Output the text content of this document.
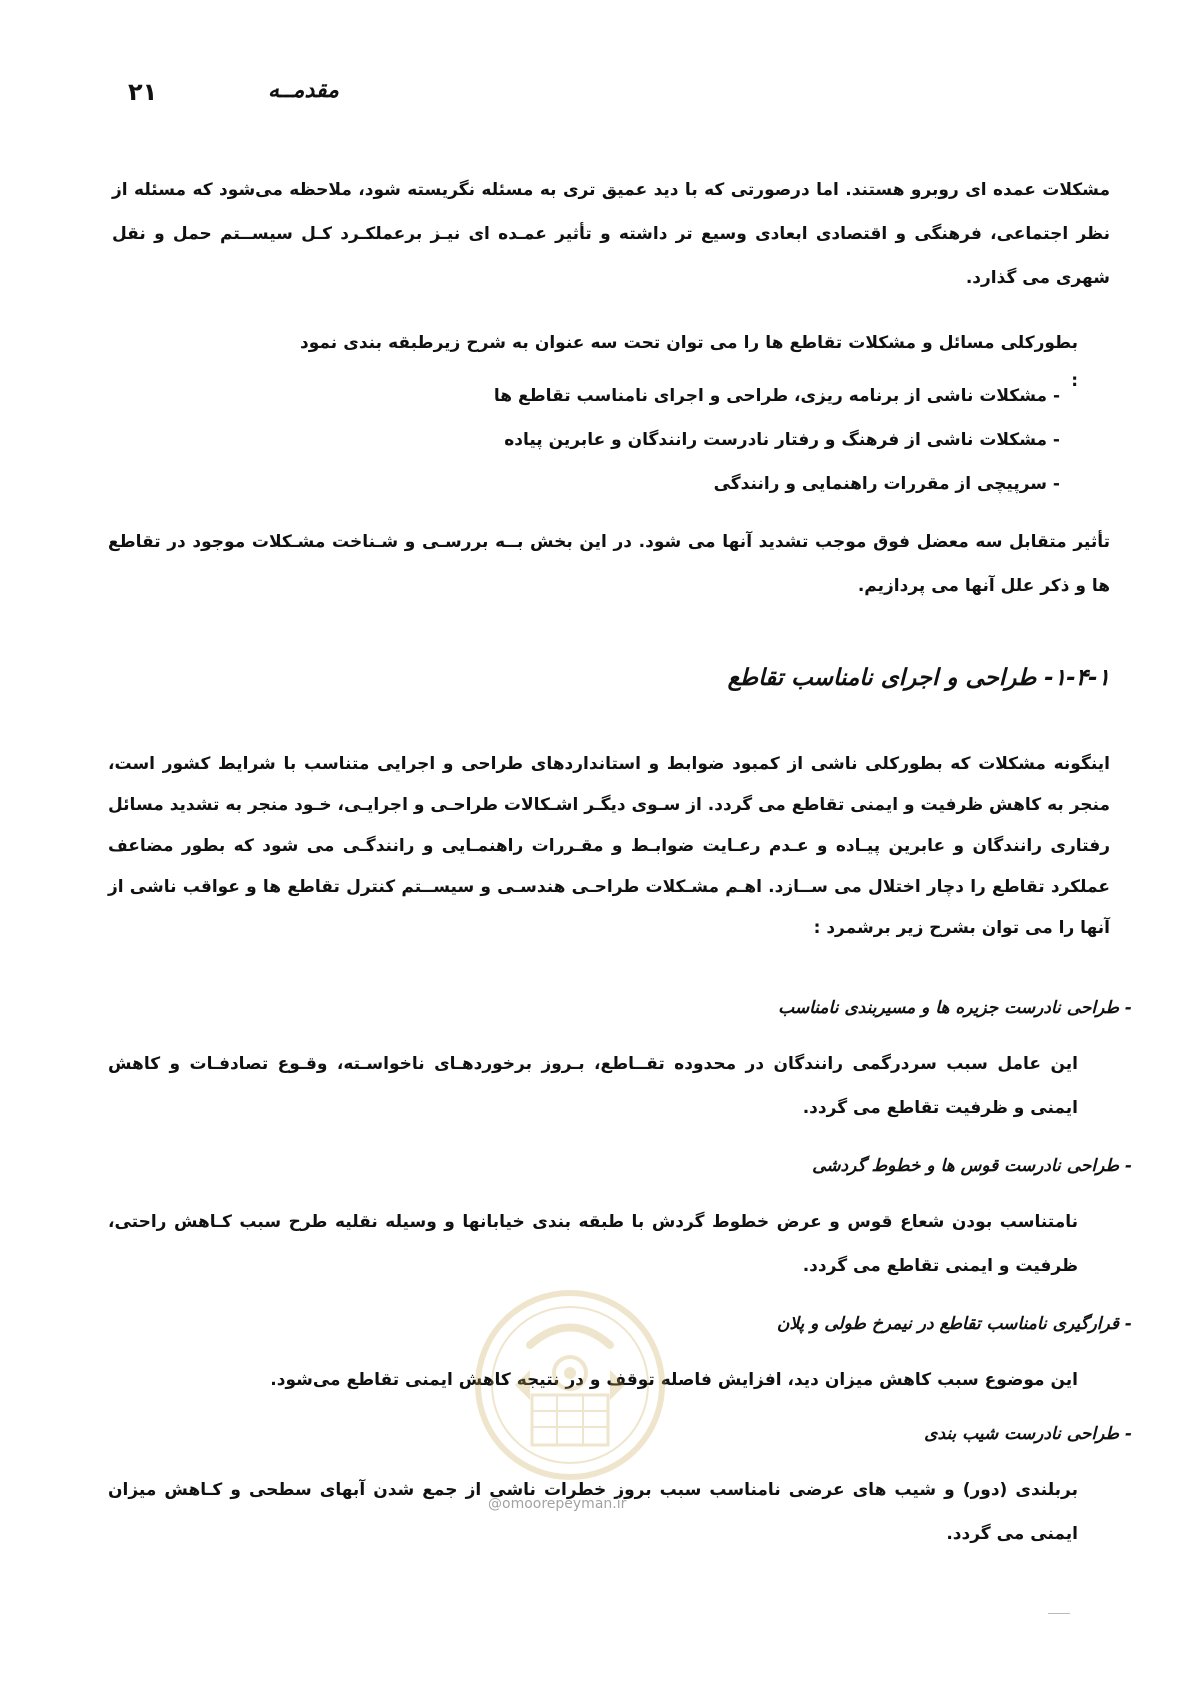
مقدمــه
۲۱

مشکلات عمده ای روبرو هستند. اما درصورتی که با دید عمیق تری به مسئله نگریسته شود، ملاحظه می‌شود که مسئله از نظر اجتماعی، فرهنگی و اقتصادی ابعادی وسیع تر داشته و تأثیر عمـده ای نیـز برعملکـرد کـل سیســتم حمل و نقل شهری می گذارد.

بطورکلی مسائل و مشکلات تقاطع ها را می توان تحت سه عنوان به شرح زیرطبقه بندی نمود :

- مشکلات ناشی از برنامه ریزی، طراحی و اجرای نامناسب تقاطع ها
- مشکلات ناشی از فرهنگ و رفتار نادرست رانندگان و عابرین پیاده
- سرپیچی از مقررات راهنمایی و رانندگی

تأثیر متقابل سه معضل فوق موجب تشدید آنها می شود. در این بخش بــه بررسـی و شـناخت مشـکلات موجود در تقاطع ها و ذکر علل آنها می پردازیم.

۱-۴-۱- طراحی و اجرای نامناسب تقاطع

اینگونه مشکلات که بطورکلی ناشی از کمبود ضوابط و استانداردهای طراحی و اجرایی متناسب با شرایط کشور است، منجر به کاهش ظرفیت و ایمنی تقاطع می گردد. از سـوی دیگـر اشـکالات طراحـی و اجرایـی، خـود منجر به تشدید مسائل رفتاری رانندگان و عابرین پیـاده و عـدم رعـایت ضوابـط و مقـررات راهنمـایی و رانندگـی می شود که بطور مضاعف عملکرد تقاطع را دچار اختلال می ســازد. اهـم مشـکلات طراحـی هندسـی و سیســتم کنترل تقاطع ها و عواقب ناشی از آنها را می توان بشرح زیر برشمرد :

- طراحی نادرست جزیره ها و مسیربندی نامناسب

این عامل سبب سردرگمی رانندگان در محدوده تقــاطع، بـروز برخوردهـای ناخواسـته، وقـوع تصادفـات و کاهش ایمنی و ظرفیت تقاطع می گردد.

- طراحی نادرست قوس ها و خطوط گردشی

نامتناسب بودن شعاع قوس و عرض خطوط گردش با طبقه بندی خیابانها و وسیله نقلیه طرح سبب کـاهش راحتی، ظرفیت و ایمنی تقاطع می گردد.

- قرارگیری نامناسب تقاطع در نیمرخ طولی و پلان

این موضوع سبب کاهش میزان دید، افزایش فاصله توقف و در نتیجه کاهش ایمنی تقاطع می‌شود.

- طراحی نادرست شیب بندی

بربلندی (دور) و شیب های عرضی نامناسب سبب بروز خطرات ناشی از جمع شدن آبهای سطحی و کـاهش میزان ایمنی می گردد.

@omoorepeyman.ir
